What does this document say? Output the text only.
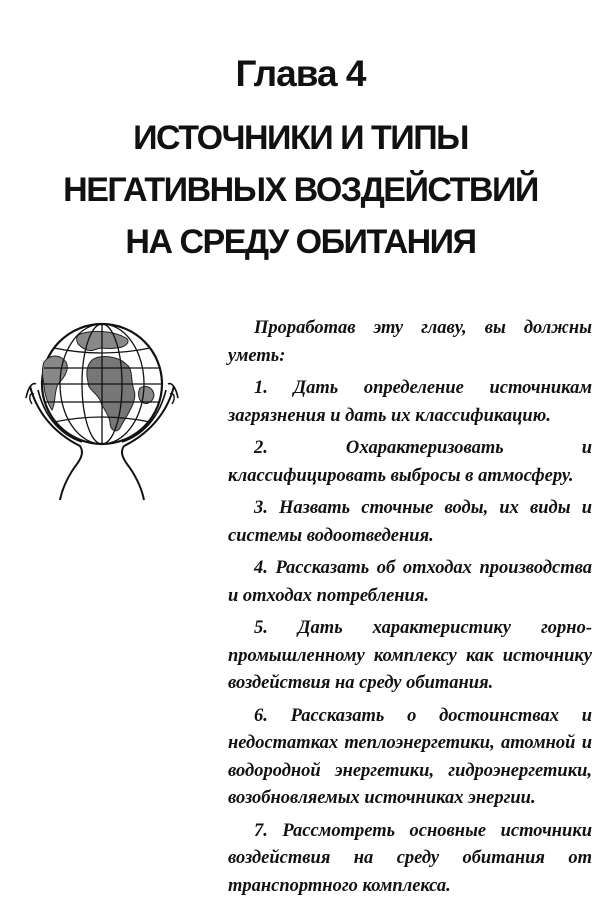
Глава 4
ИСТОЧНИКИ И ТИПЫ
НЕГАТИВНЫХ ВОЗДЕЙСТВИЙ
НА СРЕДУ ОБИТАНИЯ

Проработав эту главу, вы должны уметь:

1. Дать определение источникам загрязнения и дать их классификацию.

2. Охарактеризовать и классифицировать выбросы в атмосферу.

3. Назвать сточные воды, их виды и системы водоотведения.

4. Рассказать об отходах производства и отходах потребления.

5. Дать характеристику горно-промышленному комплексу как источнику воздействия на среду обитания.

6. Рассказать о достоинствах и недостатках теплоэнергетики, атомной и водородной энергетики, гидроэнергетики, возобновляемых источниках энергии.

7. Рассмотреть основные источники воздействия на среду обитания от транспортного комплекса.
